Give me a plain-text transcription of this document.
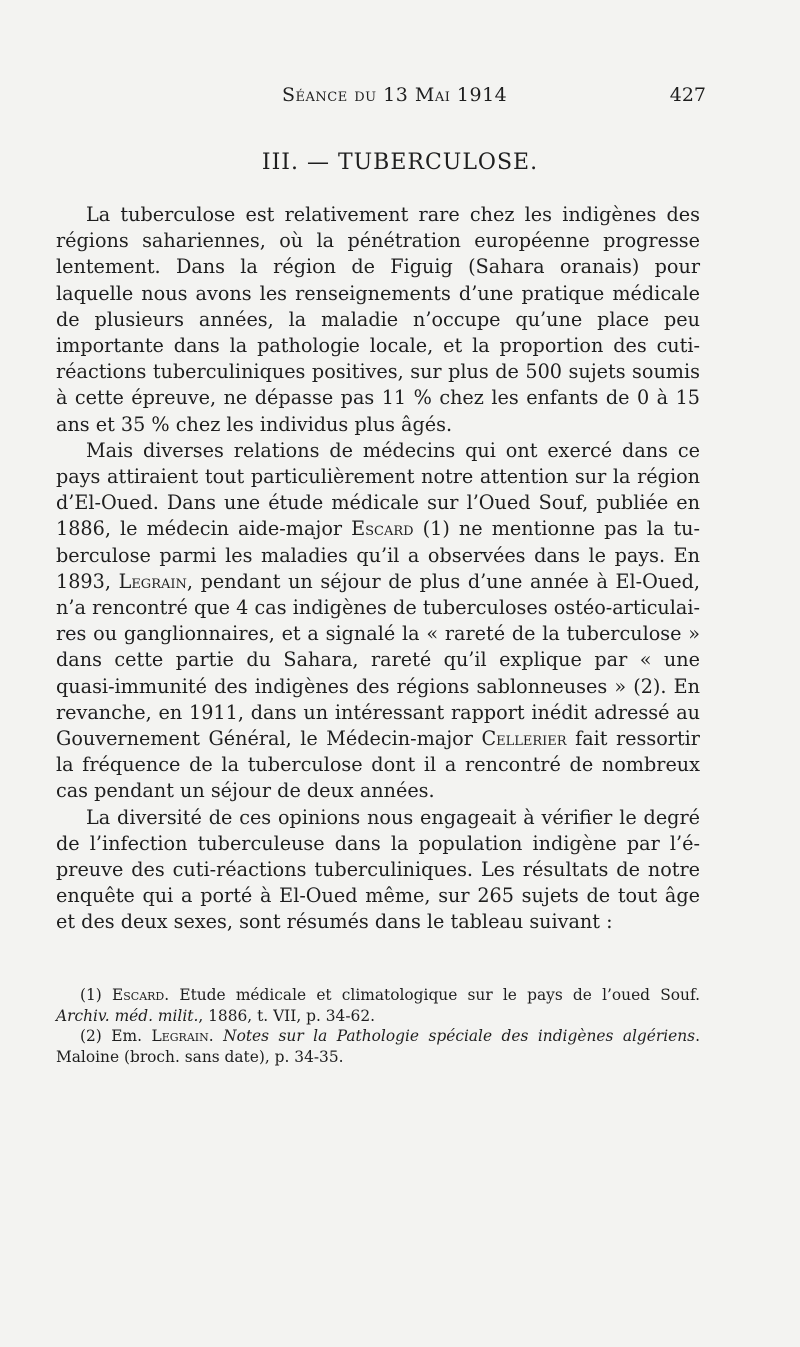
Séance du 13 Mai 1914	427
III. — TUBERCULOSE.

La tuberculose est relativement rare chez les indigènes des régions sahariennes, où la pénétration européenne progresse lentement. Dans la région de Figuig (Sahara oranais) pour laquelle nous avons les renseignements d’une pratique médicale de plusieurs années, la maladie n’occupe qu’une place peu importante dans la pathologie locale, et la proportion des cuti-réactions tuberculiniques positives, sur plus de 500 sujets soumis à cette épreuve, ne dépasse pas 11 % chez les enfants de 0 à 15 ans et 35 % chez les individus plus âgés.

Mais diverses relations de médecins qui ont exercé dans ce pays attiraient tout particulièrement notre attention sur la région d’El-Oued. Dans une étude médicale sur l’Oued Souf, publiée en 1886, le médecin aide-major Escard (1) ne mentionne pas la tuberculose parmi les maladies qu’il a observées dans le pays. En 1893, Legrain, pendant un séjour de plus d’une année à El-Oued, n’a rencontré que 4 cas indigènes de tuberculoses ostéo-articulaires ou ganglionnaires, et a signalé la « rareté de la tuberculose » dans cette partie du Sahara, rareté qu’il explique par « une quasi-immunité des indigènes des régions sablonneuses » (2). En revanche, en 1911, dans un intéressant rapport inédit adressé au Gouvernement Général, le Médecin-major Cellerier fait ressortir la fréquence de la tuberculose dont il a rencontré de nombreux cas pendant un séjour de deux années.

La diversité de ces opinions nous engageait à vérifier le degré de l’infection tuberculeuse dans la population indigène par l’épreuve des cuti-réactions tuberculiniques. Les résultats de notre enquête qui a porté à El-Oued même, sur 265 sujets de tout âge et des deux sexes, sont résumés dans le tableau suivant :

(1) Escard. Etude médicale et climatologique sur le pays de l’oued Souf. Archiv. méd. milit., 1886, t. VII, p. 34-62.

(2) Em. Legrain. Notes sur la Pathologie spéciale des indigènes algériens. Maloine (broch. sans date), p. 34-35.
